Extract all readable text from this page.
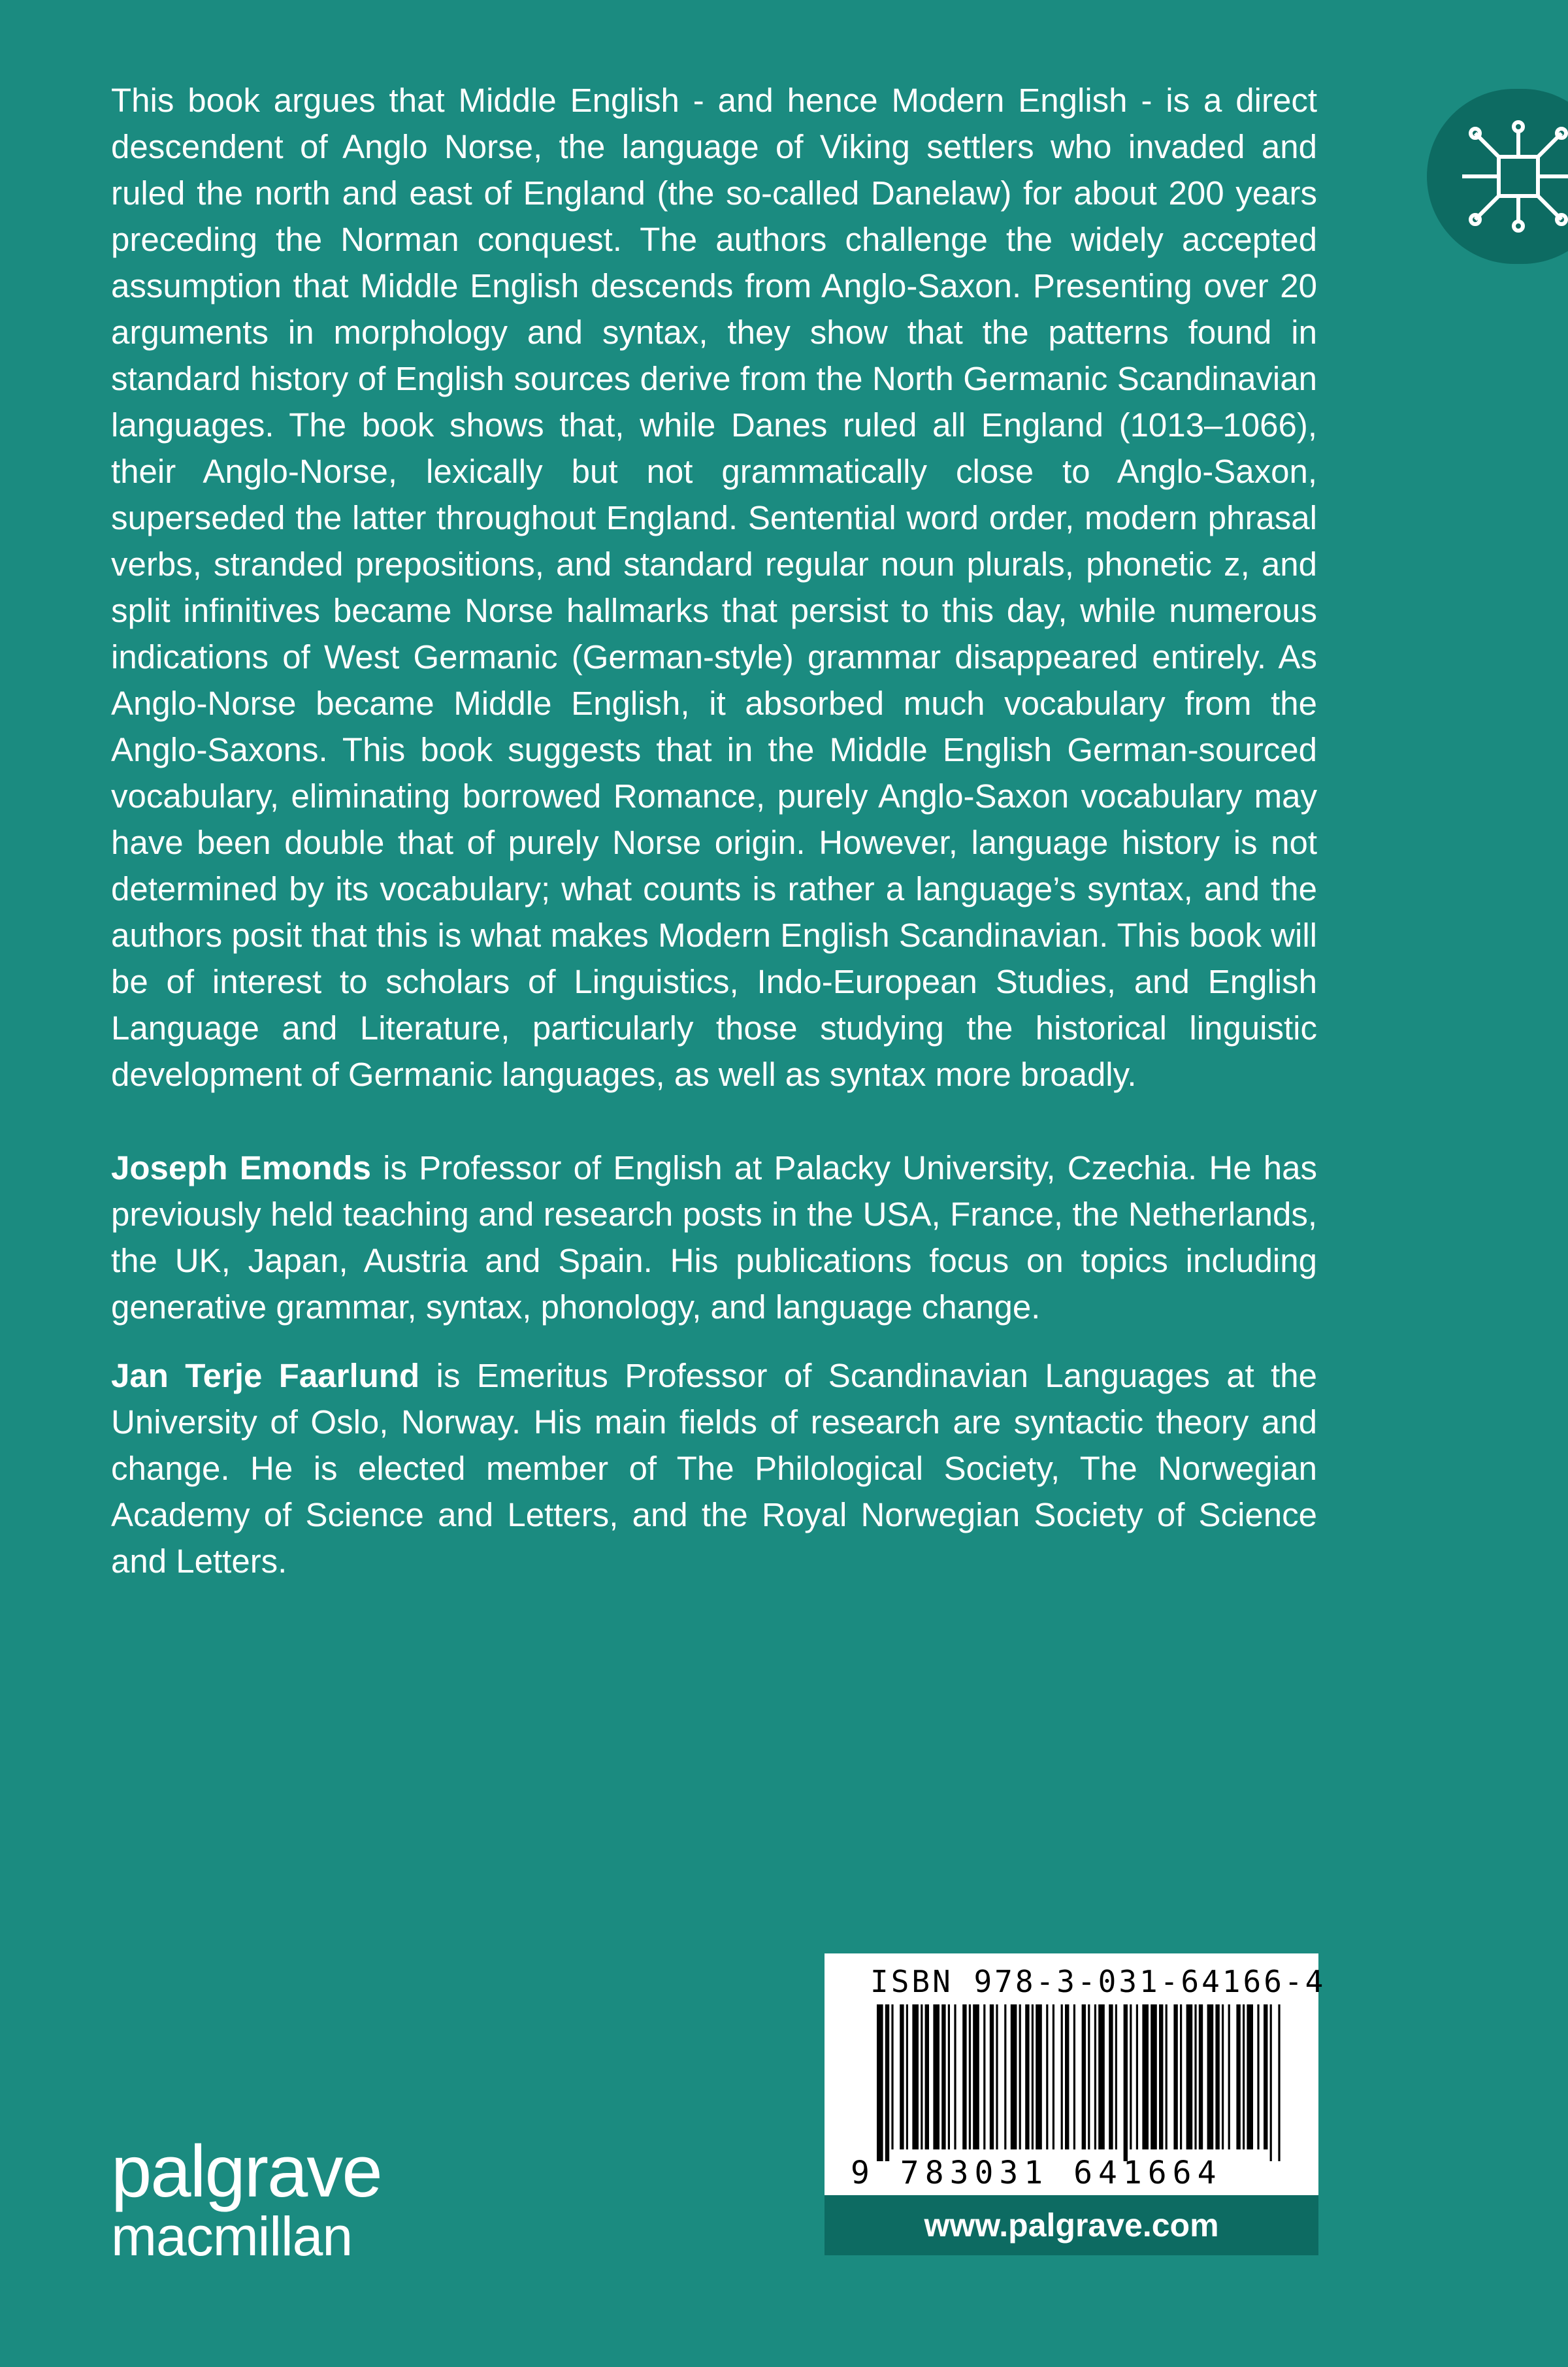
This book argues that Middle English - and hence Modern English - is a direct descendent of Anglo Norse, the language of Viking settlers who invaded and ruled the north and east of England (the so-called Danelaw) for about 200 years preceding the Norman conquest. The authors challenge the widely accepted assumption that Middle English descends from Anglo-Saxon. Presenting over 20 arguments in morphology and syntax, they show that the patterns found in standard history of English sources derive from the North Germanic Scandinavian languages. The book shows that, while Danes ruled all England (1013–1066), their Anglo-Norse, lexically but not grammatically close to Anglo-Saxon, superseded the latter throughout England. Sentential word order, modern phrasal verbs, stranded prepositions, and standard regular noun plurals, phonetic z, and split infinitives became Norse hallmarks that persist to this day, while numerous indications of West Germanic (German-style) grammar disappeared entirely. As Anglo-Norse became Middle English, it absorbed much vocabulary from the Anglo-Saxons. This book suggests that in the Middle English German-sourced vocabulary, eliminating borrowed Romance, purely Anglo-Saxon vocabulary may have been double that of purely Norse origin. However, language history is not determined by its vocabulary; what counts is rather a language’s syntax, and the authors posit that this is what makes Modern English Scandinavian. This book will be of interest to scholars of Linguistics, Indo-European Studies, and English Language and Literature, particularly those studying the historical linguistic development of Germanic languages, as well as syntax more broadly.

Joseph Emonds is Professor of English at Palacky University, Czechia. He has previously held teaching and research posts in the USA, France, the Netherlands, the UK, Japan, Austria and Spain. His publications focus on topics including generative grammar, syntax, phonology, and language change.

Jan Terje Faarlund is Emeritus Professor of Scandinavian Languages at the University of Oslo, Norway. His main fields of research are syntactic theory and change. He is elected member of The Philological Society, The Norwegian Academy of Science and Letters, and the Royal Norwegian Society of Science and Letters.

palgrave
macmillan
ISBN 978-3-031-64166-4
9 783031 641664
www.palgrave.com
